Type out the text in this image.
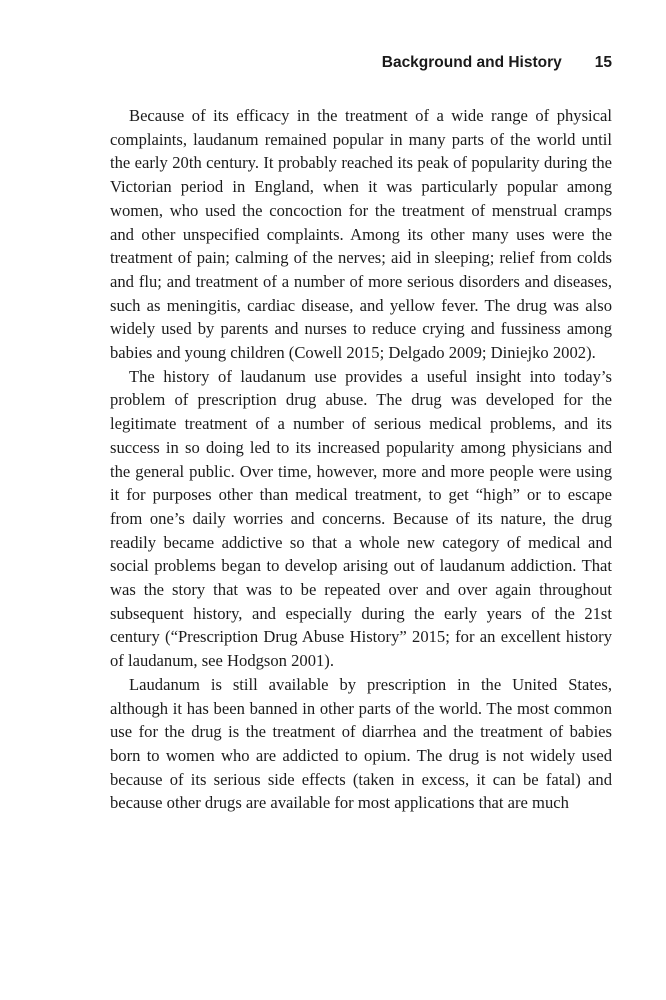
Background and History 15

Because of its efficacy in the treatment of a wide range of physical complaints, laudanum remained popular in many parts of the world until the early 20th century. It probably reached its peak of popularity during the Victorian period in England, when it was particularly popular among women, who used the concoction for the treatment of menstrual cramps and other unspecified complaints. Among its other many uses were the treatment of pain; calming of the nerves; aid in sleeping; relief from colds and flu; and treatment of a number of more serious disorders and diseases, such as meningitis, cardiac disease, and yellow fever. The drug was also widely used by parents and nurses to reduce crying and fussiness among babies and young children (Cowell 2015; Delgado 2009; Diniejko 2002).

The history of laudanum use provides a useful insight into today’s problem of prescription drug abuse. The drug was developed for the legitimate treatment of a number of serious medical problems, and its success in so doing led to its increased popularity among physicians and the general public. Over time, however, more and more people were using it for purposes other than medical treatment, to get “high” or to escape from one’s daily worries and concerns. Because of its nature, the drug readily became addictive so that a whole new category of medical and social problems began to develop arising out of laudanum addiction. That was the story that was to be repeated over and over again throughout subsequent history, and especially during the early years of the 21st century (“Prescription Drug Abuse History” 2015; for an excellent history of laudanum, see Hodgson 2001).

Laudanum is still available by prescription in the United States, although it has been banned in other parts of the world. The most common use for the drug is the treatment of diarrhea and the treatment of babies born to women who are addicted to opium. The drug is not widely used because of its serious side effects (taken in excess, it can be fatal) and because other drugs are available for most applications that are much
